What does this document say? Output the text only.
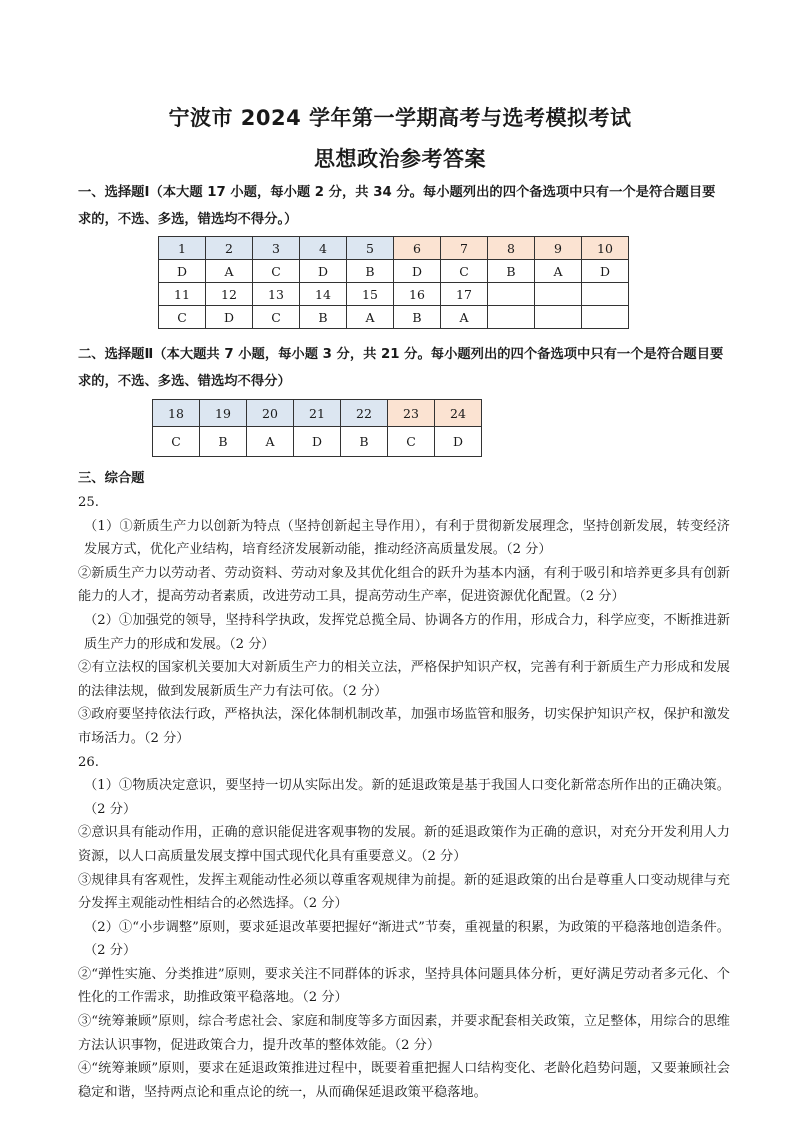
宁波市 2024 学年第一学期高考与选考模拟考试
思想政治参考答案
一、选择题Ⅰ（本大题 17 小题，每小题 2 分，共 34 分。每小题列出的四个备选项中只有一个是符合题目要求的，不选、多选，错选均不得分。）
1	2	3	4	5	6	7	8	9	10
D	A	C	D	B	D	C	B	A	D
11	12	13	14	15	16	17			
C	D	C	B	A	B	A			
二、选择题Ⅱ（本大题共 7 小题，每小题 3 分，共 21 分。每小题列出的四个备选项中只有一个是符合题目要求的，不选、多选、错选均不得分）
18	19	20	21	22	23	24
C	B	A	D	B	C	D
三、综合题

25.

（1）①新质生产力以创新为特点（坚持创新起主导作用），有利于贯彻新发展理念，坚持创新发展，转变经济发展方式，优化产业结构，培育经济发展新动能，推动经济高质量发展。（2 分）

②新质生产力以劳动者、劳动资料、劳动对象及其优化组合的跃升为基本内涵，有利于吸引和培养更多具有创新能力的人才，提高劳动者素质，改进劳动工具，提高劳动生产率，促进资源优化配置。（2 分）

（2）①加强党的领导，坚持科学执政，发挥党总揽全局、协调各方的作用，形成合力，科学应变，不断推进新质生产力的形成和发展。（2 分）

②有立法权的国家机关要加大对新质生产力的相关立法，严格保护知识产权，完善有利于新质生产力形成和发展的法律法规，做到发展新质生产力有法可依。（2 分）

③政府要坚持依法行政，严格执法，深化体制机制改革，加强市场监管和服务，切实保护知识产权，保护和激发市场活力。（2 分）

26.

（1）①物质决定意识，要坚持一切从实际出发。新的延退政策是基于我国人口变化新常态所作出的正确决策。（2 分）

②意识具有能动作用，正确的意识能促进客观事物的发展。新的延退政策作为正确的意识，对充分开发利用人力资源，以人口高质量发展支撑中国式现代化具有重要意义。（2 分）

③规律具有客观性，发挥主观能动性必须以尊重客观规律为前提。新的延退政策的出台是尊重人口变动规律与充分发挥主观能动性相结合的必然选择。（2 分）

（2）①“小步调整”原则，要求延退改革要把握好“渐进式”节奏，重视量的积累，为政策的平稳落地创造条件。（2 分）

②“弹性实施、分类推进”原则，要求关注不同群体的诉求，坚持具体问题具体分析，更好满足劳动者多元化、个性化的工作需求，助推政策平稳落地。（2 分）

③“统筹兼顾”原则，综合考虑社会、家庭和制度等多方面因素，并要求配套相关政策，立足整体，用综合的思维方法认识事物，促进政策合力，提升改革的整体效能。（2 分）

④“统筹兼顾”原则，要求在延退政策推进过程中，既要着重把握人口结构变化、老龄化趋势问题，又要兼顾社会稳定和谐，坚持两点论和重点论的统一，从而确保延退政策平稳落地。
